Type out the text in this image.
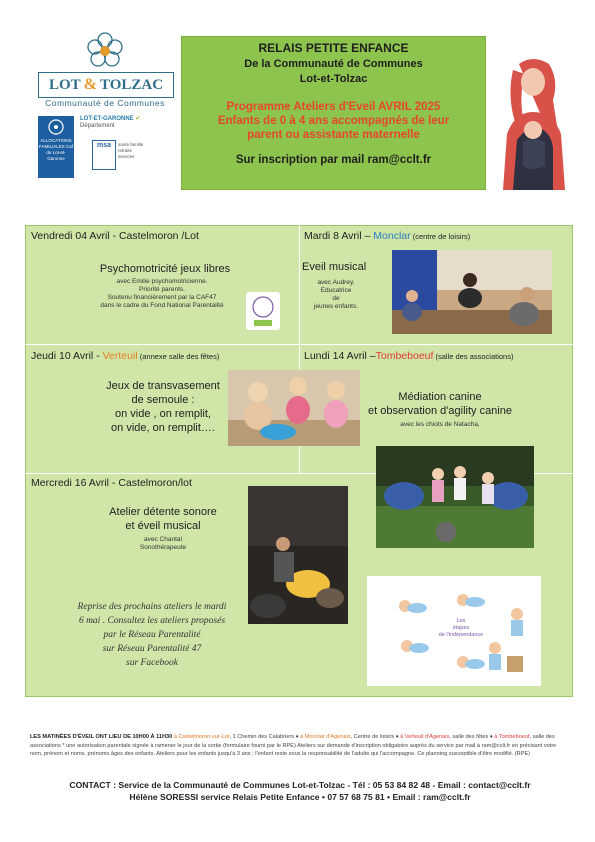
LOT & TOLZAC
Communauté de Communes
ALLOCATIONS FAMILIALES Caf du Lot-et-Garonne
LOT-ET-GARONNE ✔
Département
msa	santé famille retraite services
RELAIS PETITE ENFANCE
De la Communauté de Communes
Lot-et-Tolzac
Programme Ateliers d'Eveil AVRIL 2025
Enfants de 0 à 4 ans accompagnés de leur
parent ou assistante maternelle
Sur inscription par mail ram@cclt.fr
Vendredi 04 Avril - Castelmoron /Lot
Psychomotricité jeux libres
avec Emilie psychomotricienne.
Priorité parents.
Soutenu financièrement par la CAF47
dans le cadre du Fond National Parentalité
Mardi 8 Avril – Monclar (centre de loisirs)
Eveil musical
avec Audrey,
Educatrice
de
jeunes enfants.
Jeudi 10 Avril - Verteuil (annexe salle des fêtes)
Jeux de transvasement
de semoule :
on vide , on remplit,
on vide, on remplit….
Lundi 14 Avril –Tombeboeuf (salle des associations)
Médiation canine
et observation d'agility canine
avec les chiots de Natacha,
Mercredi 16 Avril - Castelmoron/lot
Atelier détente sonore
et éveil musical
avec Chantal
Sonothérapeute
Reprise des prochains ateliers le mardi
6 mai . Consultez les ateliers proposés
par le Réseau Parentalité
sur Réseau Parentalité 47
sur Facebook
Les
étapes
de l'indépendance
LES MATINÉES D'ÉVEIL ONT LIEU DE 10H00 À 11H30 à Castelmoron-sur-Lot, 1 Chemin des Calabriers ♦ à Monclar d'Agenais, Centre de loisirs ♦ à Verteuil d'Agenais, salle des fêtes ♦ à Tombeboeuf, salle des associations * une autorisation parentale signée à ramener le jour de la sortie (formulaire fourni par le RPE) Ateliers sur demande d'inscription obligatoire auprès du service par mail à ram@cclt.fr en précisant votre nom, prénom et noms, prénoms âges des enfants. Ateliers pour les enfants jusqu'à 3 ans ; l'enfant reste sous la responsabilité de l'adulte qui l'accompagne. Ce planning susceptible d'être modifié. (RPE)
CONTACT : Service de la Communauté de Communes Lot-et-Tolzac - Tél : 05 53 84 82 48 - Email : contact@cclt.fr
Hélène SORESSI service Relais Petite Enfance • 07 57 68 75 81 • Email : ram@cclt.fr
